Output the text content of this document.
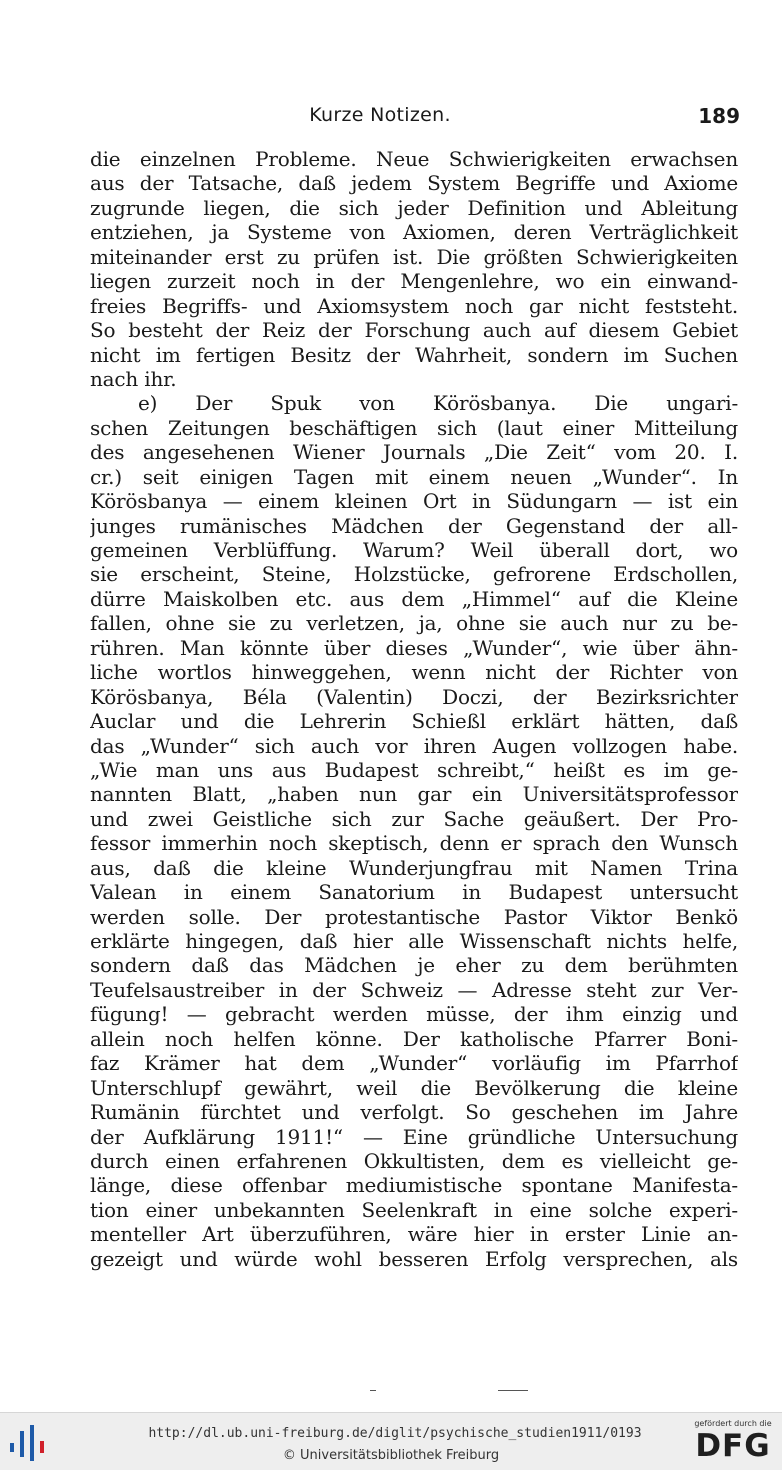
Kurze Notizen.	189
die einzelnen Probleme. Neue Schwierigkeiten erwachsen
aus der Tatsache, daß jedem System Begriffe und Axiome
zugrunde liegen, die sich jeder Definition und Ableitung
entziehen, ja Systeme von Axiomen, deren Verträglichkeit
miteinander erst zu prüfen ist. Die größten Schwierigkeiten
liegen zurzeit noch in der Mengenlehre, wo ein einwand-
freies Begriffs- und Axiomsystem noch gar nicht feststeht.
So besteht der Reiz der Forschung auch auf diesem Gebiet
nicht im fertigen Besitz der Wahrheit, sondern im Suchen
nach ihr.
e) Der Spuk von Körösbanya. Die ungari-
schen Zeitungen beschäftigen sich (laut einer Mitteilung
des angesehenen Wiener Journals „Die Zeit“ vom 20. I.
cr.) seit einigen Tagen mit einem neuen „Wunder“. In
Körösbanya — einem kleinen Ort in Südungarn — ist ein
junges rumänisches Mädchen der Gegenstand der all-
gemeinen Verblüffung. Warum? Weil überall dort, wo
sie erscheint, Steine, Holzstücke, gefrorene Erdschollen,
dürre Maiskolben etc. aus dem „Himmel“ auf die Kleine
fallen, ohne sie zu verletzen, ja, ohne sie auch nur zu be-
rühren. Man könnte über dieses „Wunder“, wie über ähn-
liche wortlos hinweggehen, wenn nicht der Richter von
Körösbanya, Béla (Valentin) Doczi, der Bezirksrichter
Auclar und die Lehrerin Schießl erklärt hätten, daß
das „Wunder“ sich auch vor ihren Augen vollzogen habe.
„Wie man uns aus Budapest schreibt,“ heißt es im ge-
nannten Blatt, „haben nun gar ein Universitätsprofessor
und zwei Geistliche sich zur Sache geäußert. Der Pro-
fessor immerhin noch skeptisch, denn er sprach den Wunsch
aus, daß die kleine Wunderjungfrau mit Namen Trina
Valean in einem Sanatorium in Budapest untersucht
werden solle. Der protestantische Pastor Viktor Benkö
erklärte hingegen, daß hier alle Wissenschaft nichts helfe,
sondern daß das Mädchen je eher zu dem berühmten
Teufelsaustreiber in der Schweiz — Adresse steht zur Ver-
fügung! — gebracht werden müsse, der ihm einzig und
allein noch helfen könne. Der katholische Pfarrer Boni-
faz Krämer hat dem „Wunder“ vorläufig im Pfarrhof
Unterschlupf gewährt, weil die Bevölkerung die kleine
Rumänin fürchtet und verfolgt. So geschehen im Jahre
der Aufklärung 1911!“ — Eine gründliche Untersuchung
durch einen erfahrenen Okkultisten, dem es vielleicht ge-
länge, diese offenbar mediumistische spontane Manifesta-
tion einer unbekannten Seelenkraft in eine solche experi-
menteller Art überzuführen, wäre hier in erster Linie an-
gezeigt und würde wohl besseren Erfolg versprechen, als
http://dl.ub.uni-freiburg.de/diglit/psychische_studien1911/0193
© Universitätsbibliothek Freiburg
gefördert durch die
DFG
